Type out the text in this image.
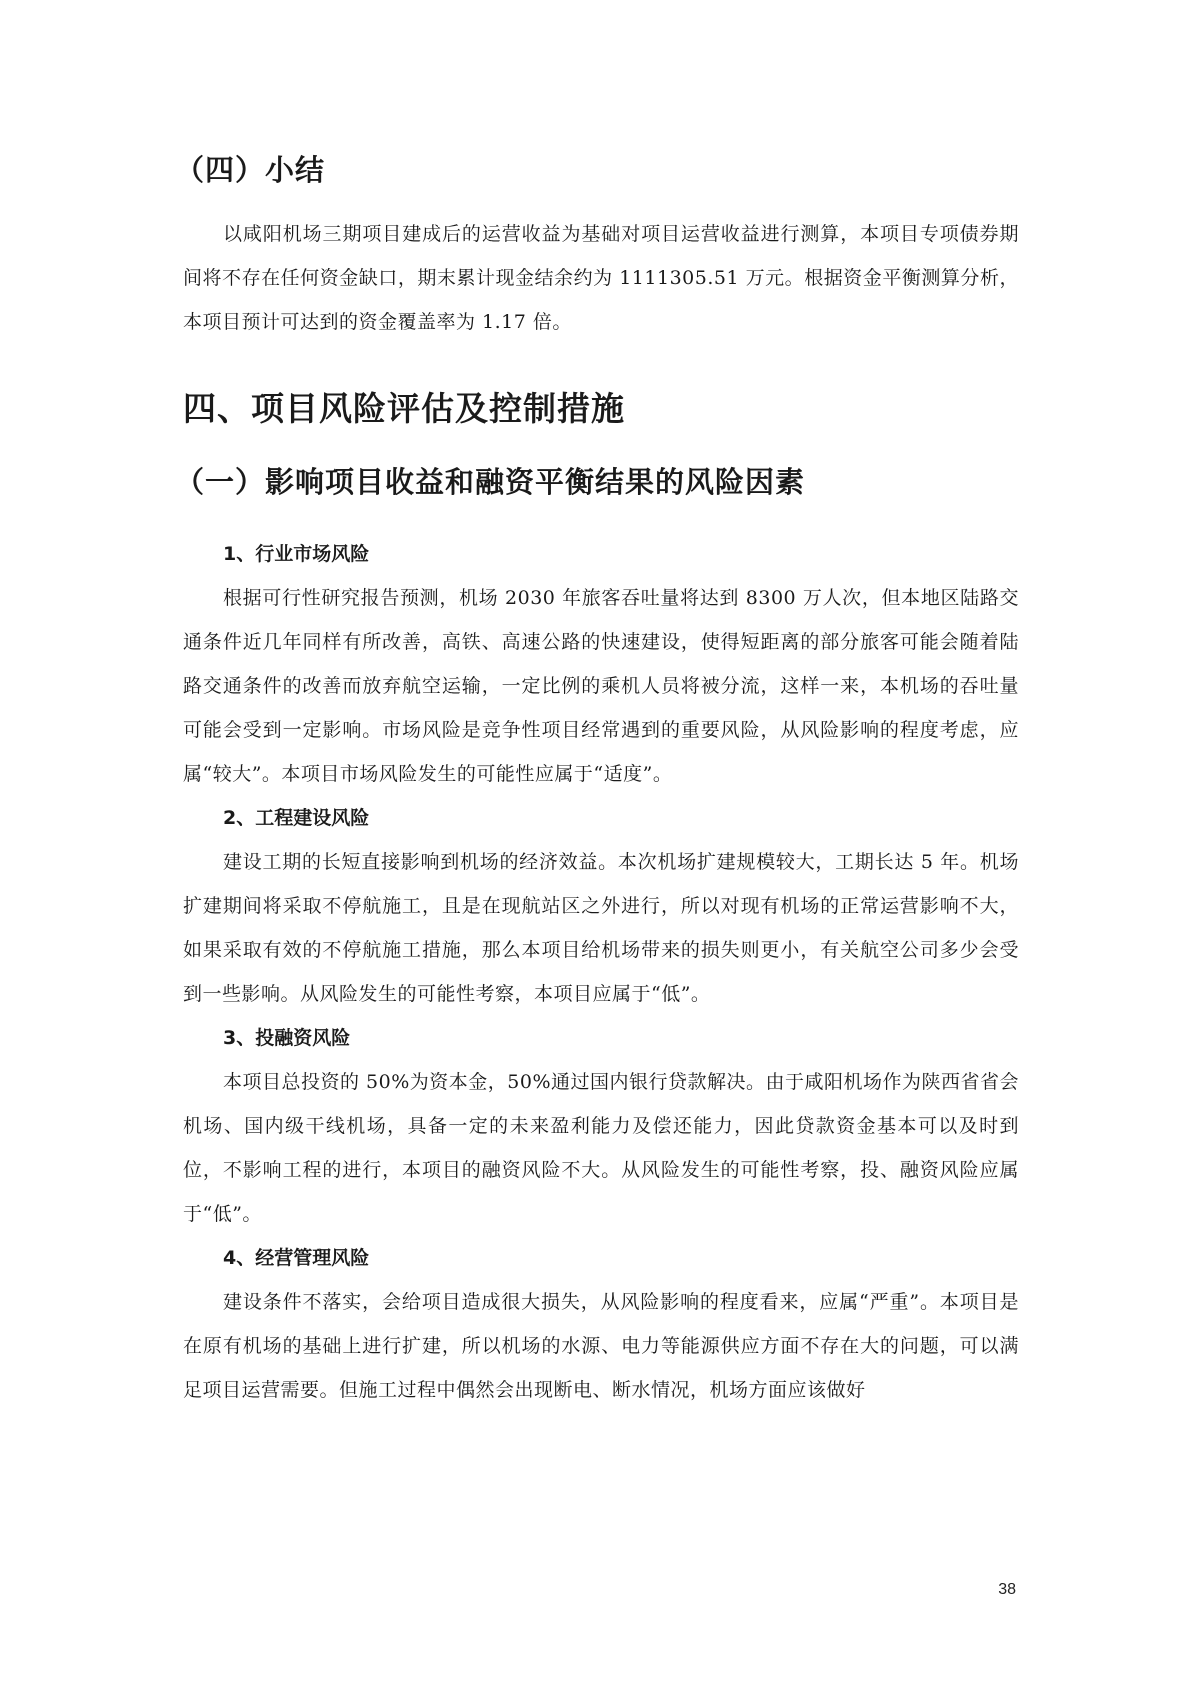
（四）小结

以咸阳机场三期项目建成后的运营收益为基础对项目运营收益进行测算，本项目专项债券期间将不存在任何资金缺口，期末累计现金结余约为 1111305.51 万元。根据资金平衡测算分析，本项目预计可达到的资金覆盖率为 1.17 倍。

四、项目风险评估及控制措施
（一）影响项目收益和融资平衡结果的风险因素
1、行业市场风险

根据可行性研究报告预测，机场 2030 年旅客吞吐量将达到 8300 万人次，但本地区陆路交通条件近几年同样有所改善，高铁、高速公路的快速建设，使得短距离的部分旅客可能会随着陆路交通条件的改善而放弃航空运输，一定比例的乘机人员将被分流，这样一来，本机场的吞吐量可能会受到一定影响。市场风险是竞争性项目经常遇到的重要风险，从风险影响的程度考虑，应属“较大”。本项目市场风险发生的可能性应属于“适度”。

2、工程建设风险

建设工期的长短直接影响到机场的经济效益。本次机场扩建规模较大，工期长达 5 年。机场扩建期间将采取不停航施工，且是在现航站区之外进行，所以对现有机场的正常运营影响不大，如果采取有效的不停航施工措施，那么本项目给机场带来的损失则更小，有关航空公司多少会受到一些影响。从风险发生的可能性考察，本项目应属于“低”。

3、投融资风险

本项目总投资的 50%为资本金，50%通过国内银行贷款解决。由于咸阳机场作为陕西省省会机场、国内级干线机场，具备一定的未来盈利能力及偿还能力，因此贷款资金基本可以及时到位，不影响工程的进行，本项目的融资风险不大。从风险发生的可能性考察，投、融资风险应属于“低”。

4、经营管理风险

建设条件不落实，会给项目造成很大损失，从风险影响的程度看来，应属“严重”。本项目是在原有机场的基础上进行扩建，所以机场的水源、电力等能源供应方面不存在大的问题，可以满足项目运营需要。但施工过程中偶然会出现断电、断水情况，机场方面应该做好

38
